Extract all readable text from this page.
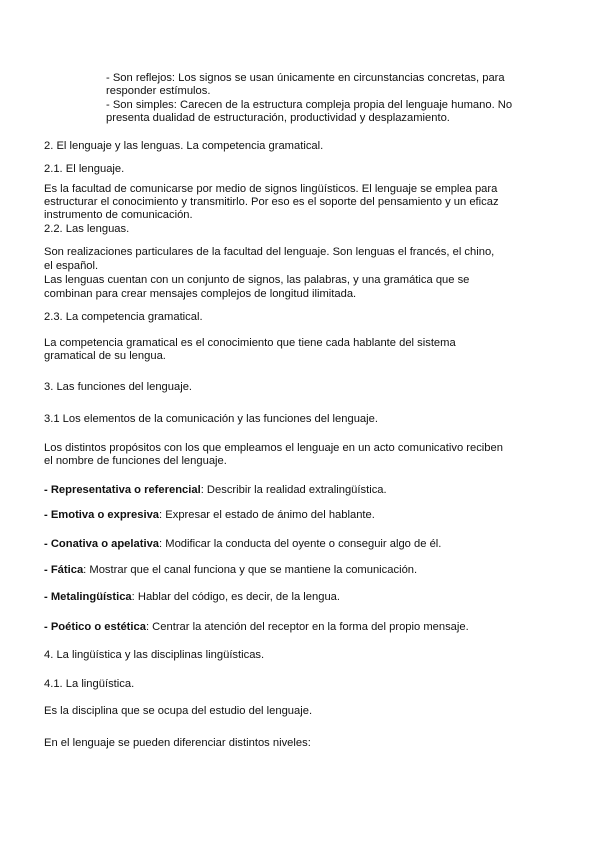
- Son reflejos: Los signos se usan únicamente en circunstancias concretas, para
responder estímulos.
- Son simples: Carecen de la estructura compleja propia del lenguaje humano. No
presenta dualidad de estructuración, productividad y desplazamiento.
2. El lenguaje y las lenguas. La competencia gramatical.
2.1. El lenguaje.
Es la facultad de comunicarse por medio de signos lingüísticos. El lenguaje se emplea para
estructurar el conocimiento y transmitirlo. Por eso es el soporte del pensamiento y un eficaz
instrumento de comunicación.
2.2. Las lenguas.
Son realizaciones particulares de la facultad del lenguaje. Son lenguas el francés, el chino,
el español.
Las lenguas cuentan con un conjunto de signos, las palabras, y una gramática que se
combinan para crear mensajes complejos de longitud ilimitada.
2.3. La competencia gramatical.
La competencia gramatical es el conocimiento que tiene cada hablante del sistema
gramatical de su lengua.
3. Las funciones del lenguaje.
3.1 Los elementos de la comunicación y las funciones del lenguaje.
Los distintos propósitos con los que empleamos el lenguaje en un acto comunicativo reciben
el nombre de funciones del lenguaje.
- Representativa o referencial: Describir la realidad extralingüística.
- Emotiva o expresiva: Expresar el estado de ánimo del hablante.
- Conativa o apelativa: Modificar la conducta del oyente o conseguir algo de él.
- Fática: Mostrar que el canal funciona y que se mantiene la comunicación.
- Metalingüística: Hablar del código, es decir, de la lengua.
- Poético o estética: Centrar la atención del receptor en la forma del propio mensaje.
4. La lingüística y las disciplinas lingüísticas.
4.1. La lingüística.
Es la disciplina que se ocupa del estudio del lenguaje.
En el lenguaje se pueden diferenciar distintos niveles:
